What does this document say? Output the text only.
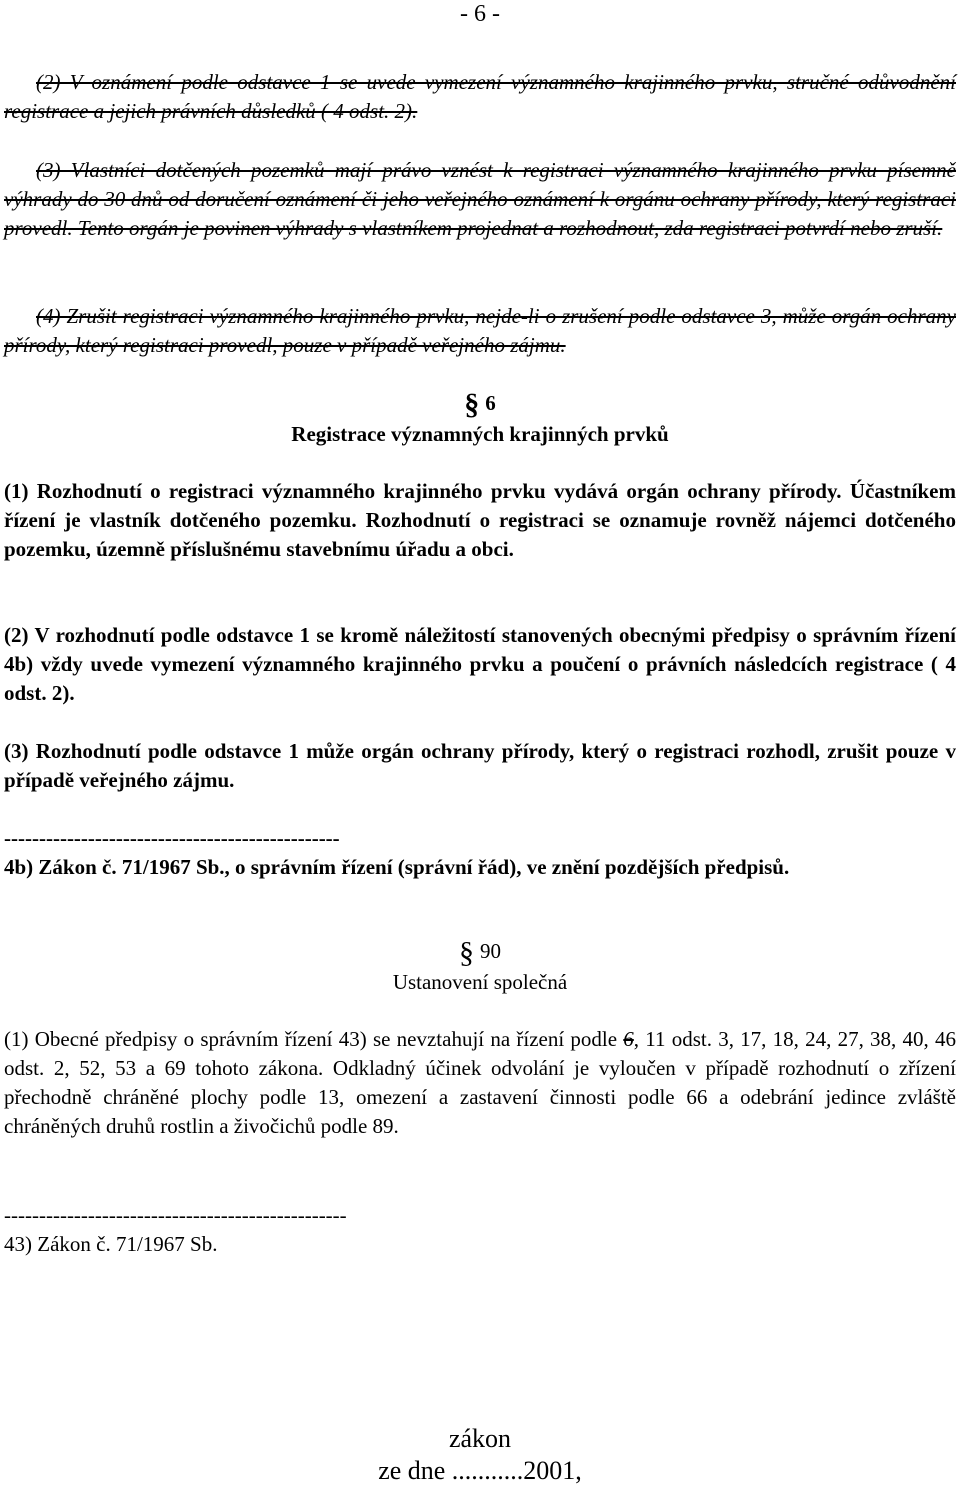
- 6 -

(2) V oznámení podle odstavce 1 se uvede vymezení významného krajinného prvku, stručné odůvodnění registrace a jejich právních důsledků ( 4 odst. 2).

(3) Vlastníci dotčených pozemků mají právo vznést k registraci významného krajinného prvku písemně výhrady do 30 dnů od doručení oznámení či jeho veřejného oznámení k orgánu ochrany přírody, který registraci provedl. Tento orgán je povinen výhrady s vlastníkem projednat a rozhodnout, zda registraci potvrdí nebo zruší.

(4) Zrušit registraci významného krajinného prvku, nejde-li o zrušení podle odstavce 3, může orgán ochrany přírody, který registraci provedl, pouze v případě veřejného zájmu.

§ 6
Registrace významných krajinných prvků

(1) Rozhodnutí o registraci významného krajinného prvku vydává orgán ochrany přírody. Účastníkem řízení je vlastník dotčeného pozemku. Rozhodnutí o registraci se oznamuje rovněž nájemci dotčeného pozemku, územně příslušnému stavebnímu úřadu a obci.

(2) V rozhodnutí podle odstavce 1 se kromě náležitostí stanovených obecnými předpisy o správním řízení 4b) vždy uvede vymezení významného krajinného prvku a poučení o právních následcích registrace ( 4 odst. 2).

(3) Rozhodnutí podle odstavce 1 může orgán ochrany přírody, který o registraci rozhodl, zrušit pouze v případě veřejného zájmu.

------------------------------------------------
4b) Zákon č. 71/1967 Sb., o správním řízení (správní řád), ve znění pozdějších předpisů.
§ 90
Ustanovení společná

(1) Obecné předpisy o správním řízení 43) se nevztahují na řízení podle 6, 11 odst. 3, 17, 18, 24, 27, 38, 40, 46 odst. 2, 52, 53 a 69 tohoto zákona. Odkladný účinek odvolání je vyloučen v případě rozhodnutí o zřízení přechodně chráněné plochy podle 13, omezení a zastavení činnosti podle 66 a odebrání jedince zvláště chráněných druhů rostlin a živočichů podle 89.

-------------------------------------------------
43) Zákon č. 71/1967 Sb.
zákon
ze dne ...........2001,
